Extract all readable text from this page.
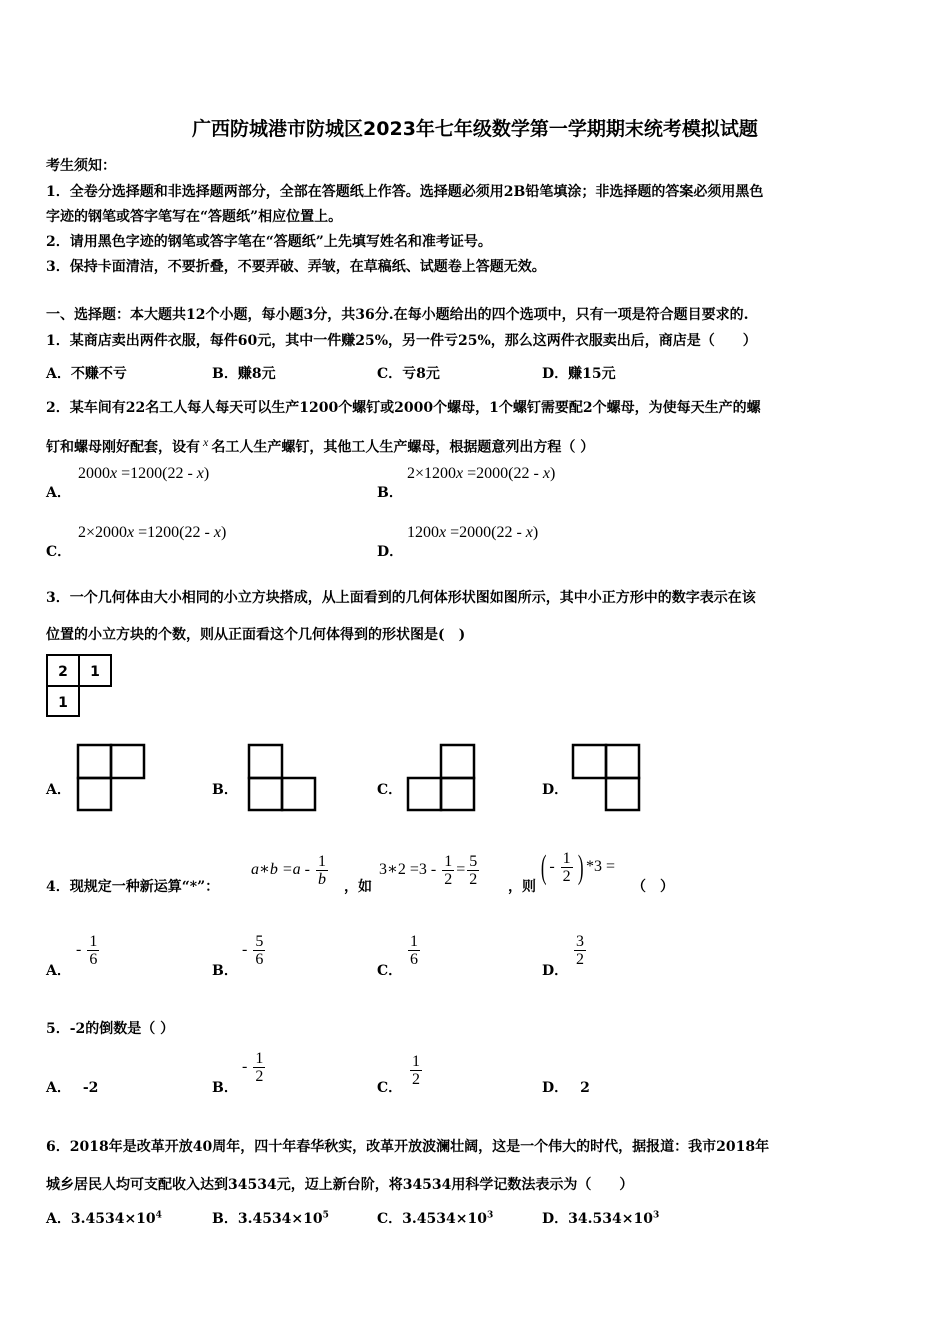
广西防城港市防城区2023年七年级数学第一学期期末统考模拟试题
考生须知：
1．全卷分选择题和非选择题两部分，全部在答题纸上作答。选择题必须用2B铅笔填涂；非选择题的答案必须用黑色
字迹的钢笔或答字笔写在“答题纸”相应位置上。
2．请用黑色字迹的钢笔或答字笔在“答题纸”上先填写姓名和准考证号。
3．保持卡面清洁，不要折叠，不要弄破、弄皱，在草稿纸、试题卷上答题无效。
一、选择题：本大题共12个小题，每小题3分，共36分.在每小题给出的四个选项中，只有一项是符合题目要求的.
1．某商店卖出两件衣服，每件60元，其中一件赚25%，另一件亏25%，那么这两件衣服卖出后，商店是（　　）
A．不赚不亏	B．赚8元	C．亏8元	D．赚15元
2．某车间有22名工人每人每天可以生产1200个螺钉或2000个螺母，1个螺钉需要配2个螺母，为使每天生产的螺
钉和螺母刚好配套，设有 x 名工人生产螺钉，其他工人生产螺母，根据题意列出方程（ ）
A．
2000x =1200(22 - x)
B．
2×1200x =2000(22 - x)
C．
2×2000x =1200(22 - x)
D．
1200x =2000(22 - x)
3．一个几何体由大小相同的小立方块搭成，从上面看到的几何体形状图如图所示，其中小正方形中的数字表示在该
位置的小立方块的个数，则从正面看这个几何体得到的形状图是(　)
2 1
1
A．	B．	C．	D．
4．现规定一种新运算“*”：
a∗b $=a - \frac{1}{b}$ ，如
3∗2 $=3 - \frac{1}{2} = \frac{5}{2}$ ，则
( - $\frac{1}{2}$ ) *3 =
（　）
A．
- $\frac{1}{6}$
B．
- $\frac{5}{6}$
C．
$\frac{1}{6}$
D．
$\frac{3}{2}$
5．-2的倒数是（ ）
A． -2	B．
- $\frac{1}{2}$
C． $\frac{1}{2}$	D． 2
6．2018年是改革开放40周年，四十年春华秋实，改革开放波澜壮阔，这是一个伟大的时代，据报道：我市2018年
城乡居民人均可支配收入达到34534元，迈上新台阶，将34534用科学记数法表示为（　　）
A．$3.4534\times 10^4$	B．$3.4534\times 10^5$	C．$3.4534\times 10^3$	D．$34.534\times 10^3$
